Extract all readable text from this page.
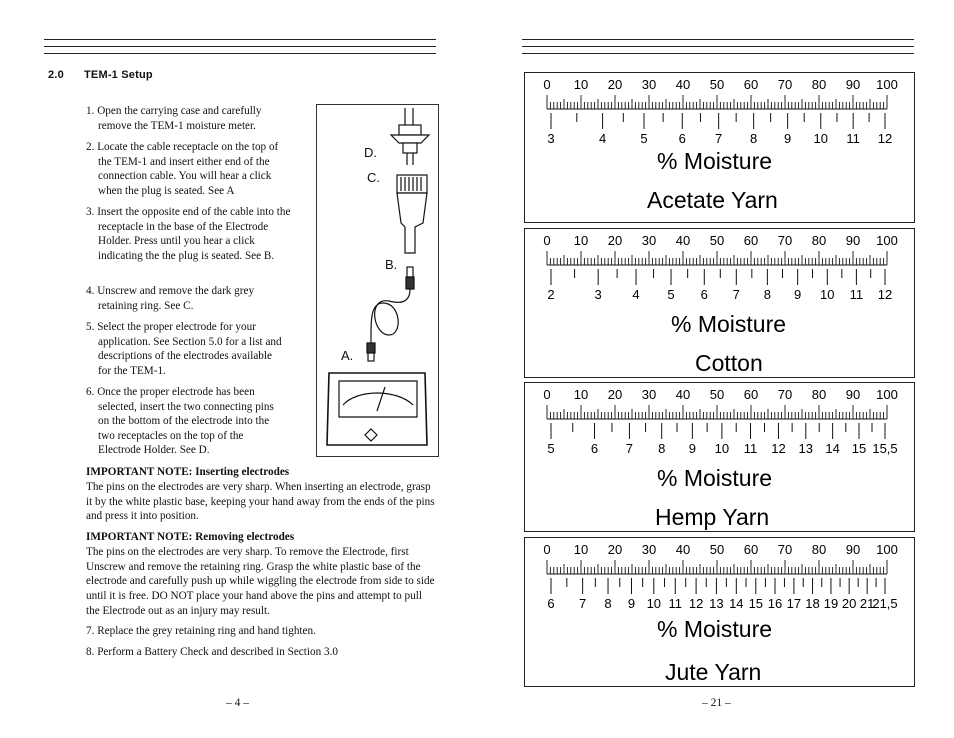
2.0 TEM-1 Setup
1. Open the carrying case and carefully remove the TEM-1 moisture meter.
2. Locate the cable receptacle on the top of the TEM-1 and insert either end of the connection cable. You will hear a click when the plug is seated. See A
3. Insert the opposite end of the cable into the receptacle in the base of the Electrode Holder. Press until you hear a click indicating the the plug is seated. See B.
4. Unscrew and remove the dark grey retaining ring. See C.
5. Select the proper electrode for your application. See Section 5.0 for a list and descriptions of the electrodes available for the TEM-1.
6. Once the proper electrode has been selected, insert the two connecting pins on the bottom of the electrode into the two receptacles on the top of the Electrode Holder. See D.
IMPORTANT NOTE: Inserting electrodes
The pins on the electrodes are very sharp. When inserting an electrode, grasp it by the white plastic base, keeping your hand away from the ends of the pins and press it into position.
IMPORTANT NOTE: Removing electrodes
The pins on the electrodes are very sharp. To remove the Electrode, first Unscrew and remove the retaining ring. Grasp the white plastic base of the electrode and carefully push up while wiggling the electrode from side to side until it is free. DO NOT place your hand above the pins and attempt to pull the Electrode out as an injury may result.
7. Replace the grey retaining ring and hand tighten.
8. Perform a Battery Check and described in Section 3.0
D.
C.
B.
A.
– 4 –
0 10 20 30 40 50 60 70 80 90 100
3	4	5 6 7 8 9 10 11 12
% Moisture
Acetate Yarn
0 10 20 30 40 50 60 70 80 90 100
2	3 4 5 6 7 8 9 10 11 12
% Moisture
Cotton
0 10 20 30 40 50 60 70 80 90 100
5	6 7 8 9 10 11 12 13 14 15 15,5
% Moisture
Hemp Yarn
0 10 20 30 40 50 60 70 80 90 100
6 7 8 9 10 11 12 13 14 15 16 17 18 19 20 21
21,5
% Moisture
Jute Yarn
– 21 –
